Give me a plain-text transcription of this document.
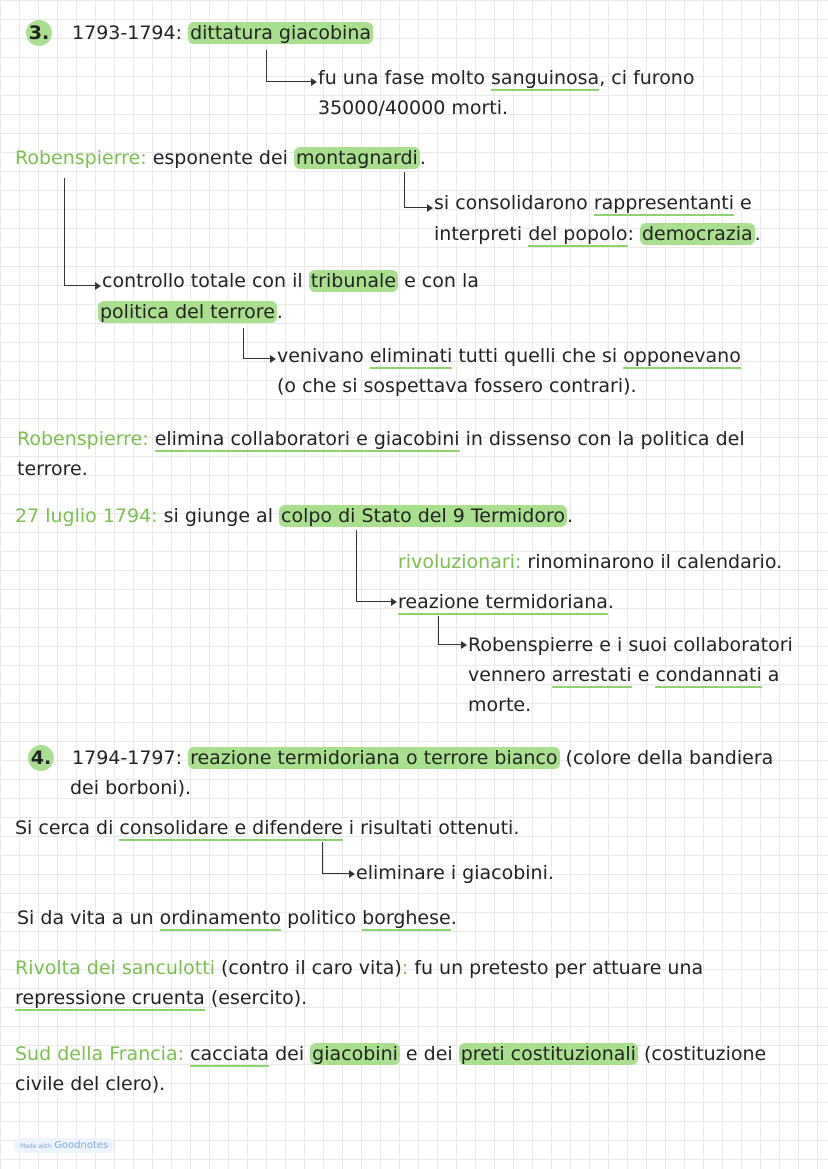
3. 1793-1794: dittatura giacobina
fu una fase molto sanguinosa, ci furono
35000/40000 morti.
Robenspierre: esponente dei montagnardi .
si consolidarono rappresentanti e
interpreti del popolo: democrazia .
controllo totale con il tribunale e con la
politica del terrore .
venivano eliminati tutti quelli che si opponevano
(o che si sospettava fossero contrari).
Robenspierre: elimina collaboratori e giacobini in dissenso con la politica del
terrore.
27 luglio 1794: si giunge al colpo di Stato del 9 Termidoro .
rivoluzionari: rinominarono il calendario.
reazione termidoriana.
Robenspierre e i suoi collaboratori
vennero arrestati e condannati a
morte.
4. 1794-1797: reazione termidoriana o terrore bianco (colore della bandiera
dei borboni).
Si cerca di consolidare e difendere i risultati ottenuti.
eliminare i giacobini.
Si da vita a un ordinamento politico borghese.
Rivolta dei sanculotti (contro il caro vita): fu un pretesto per attuare una
repressione cruenta (esercito).
Sud della Francia: cacciata dei giacobini e dei preti costituzionali (costituzione
civile del clero).
Made with Goodnotes
